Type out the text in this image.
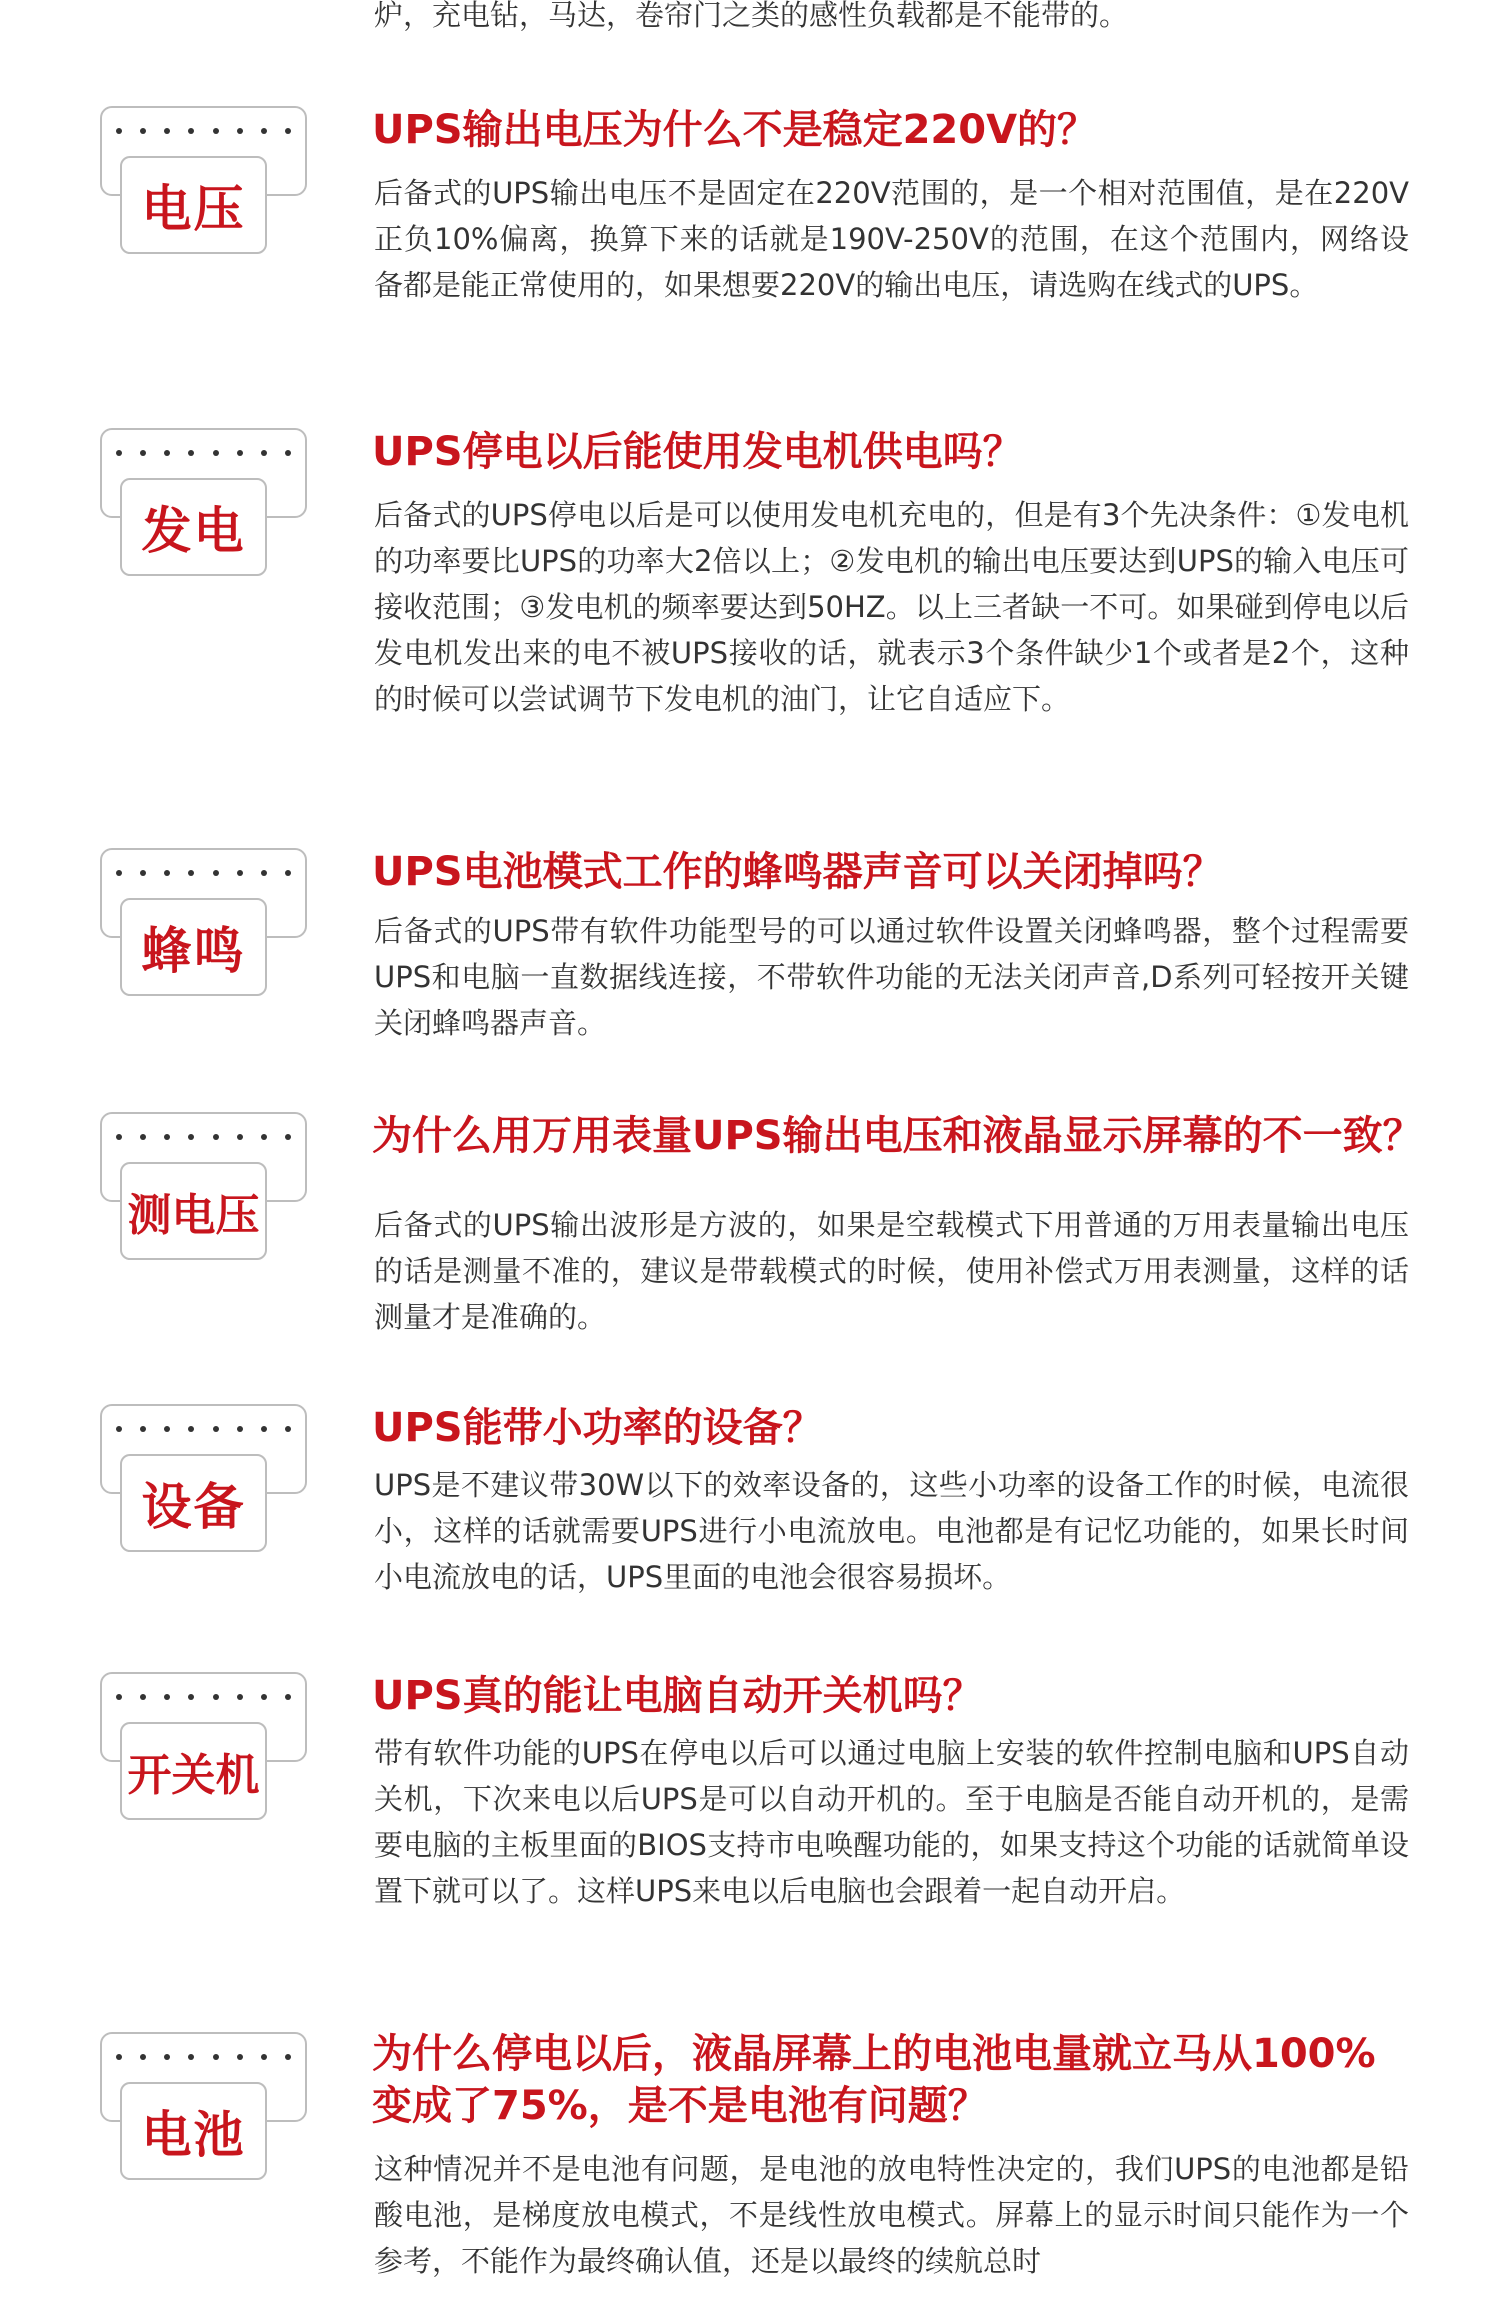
炉，充电钻，马达，卷帘门之类的感性负载都是不能带的。
电压
UPS输出电压为什么不是稳定220V的？
后备式的UPS输出电压不是固定在220V范围的，是一个相对范围值，是在220V正负10%偏离，换算下来的话就是190V-250V的范围，在这个范围内，网络设备都是能正常使用的，如果想要220V的输出电压，请选购在线式的UPS。
发电
UPS停电以后能使用发电机供电吗？
后备式的UPS停电以后是可以使用发电机充电的，但是有3个先决条件：①发电机的功率要比UPS的功率大2倍以上；②发电机的输出电压要达到UPS的输入电压可接收范围；③发电机的频率要达到50HZ。以上三者缺一不可。如果碰到停电以后发电机发出来的电不被UPS接收的话，就表示3个条件缺少1个或者是2个，这种的时候可以尝试调节下发电机的油门，让它自适应下。
蜂鸣
UPS电池模式工作的蜂鸣器声音可以关闭掉吗？
后备式的UPS带有软件功能型号的可以通过软件设置关闭蜂鸣器，整个过程需要UPS和电脑一直数据线连接，不带软件功能的无法关闭声音,D系列可轻按开关键关闭蜂鸣器声音。
测电压
为什么用万用表量UPS输出电压和液晶显示屏幕的不一致？
后备式的UPS输出波形是方波的，如果是空载模式下用普通的万用表量输出电压的话是测量不准的，建议是带载模式的时候，使用补偿式万用表测量，这样的话测量才是准确的。
设备
UPS能带小功率的设备？
UPS是不建议带30W以下的效率设备的，这些小功率的设备工作的时候，电流很小，这样的话就需要UPS进行小电流放电。电池都是有记忆功能的，如果长时间小电流放电的话，UPS里面的电池会很容易损坏。
开关机
UPS真的能让电脑自动开关机吗？
带有软件功能的UPS在停电以后可以通过电脑上安装的软件控制电脑和UPS自动关机，下次来电以后UPS是可以自动开机的。至于电脑是否能自动开机的，是需要电脑的主板里面的BIOS支持市电唤醒功能的，如果支持这个功能的话就简单设置下就可以了。这样UPS来电以后电脑也会跟着一起自动开启。
电池
为什么停电以后，液晶屏幕上的电池电量就立马从100%变成了75%，是不是电池有问题？
这种情况并不是电池有问题，是电池的放电特性决定的，我们UPS的电池都是铅酸电池，是梯度放电模式，不是线性放电模式。屏幕上的显示时间只能作为一个参考，不能作为最终确认值，还是以最终的续航总时
